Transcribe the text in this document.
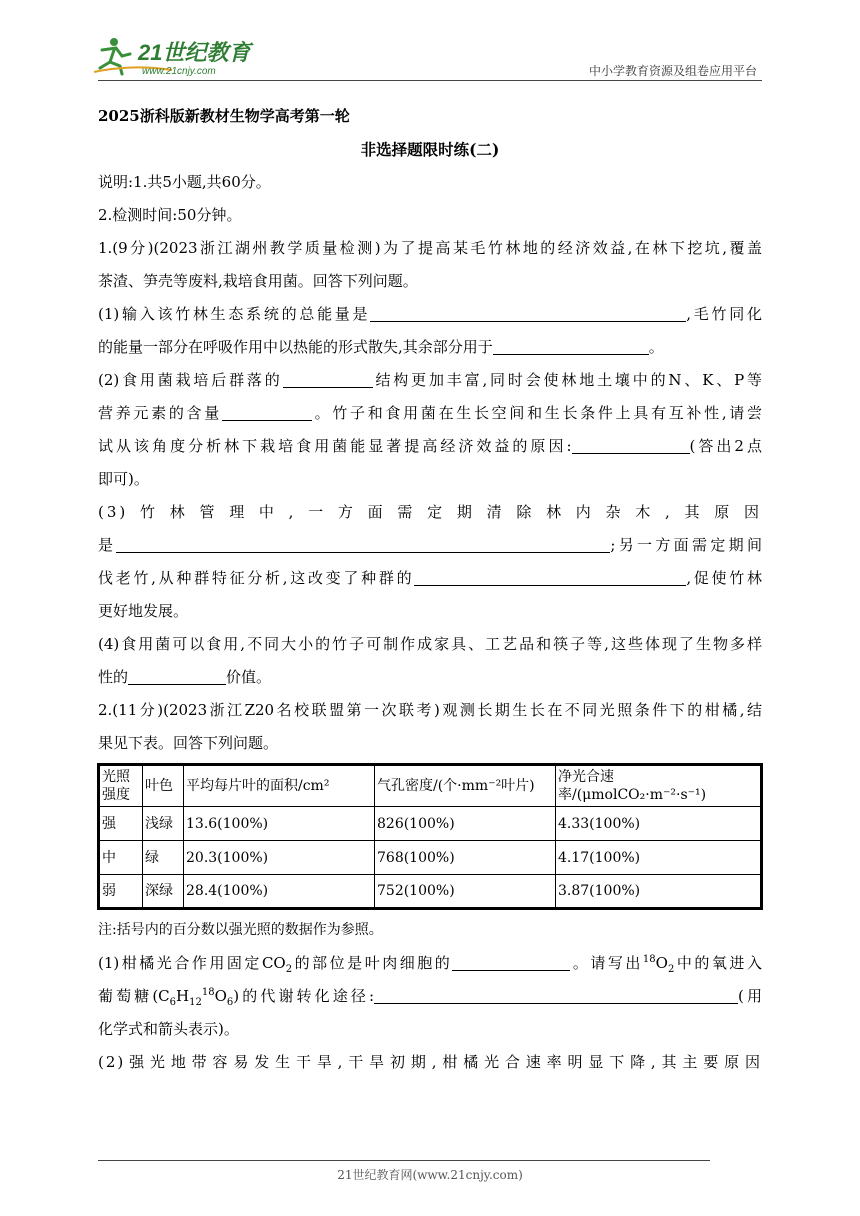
21世纪教育
www.21cnjy.com	中小学教育资源及组卷应用平台
2025浙科版新教材生物学高考第一轮
非选择题限时练(二)
说明:1.共5小题,共60分。
2.检测时间:50分钟。
1.(9分)(2023浙江湖州教学质量检测)为了提高某毛竹林地的经济效益,在林下挖坑,覆盖
茶渣、笋壳等废料,栽培食用菌。回答下列问题。
(1)输入该竹林生态系统的总能量是	,毛竹同化
的能量一部分在呼吸作用中以热能的形式散失,其余部分用于	。
(2)食用菌栽培后群落的	结构更加丰富,同时会使林地土壤中的N、K、P等
营养元素的含量	。竹子和食用菌在生长空间和生长条件上具有互补性,请尝
试从该角度分析林下栽培食用菌能显著提高经济效益的原因:	(答出2点
即可)。
(3)竹林管理中,一方面需定期清除林内杂木,其原因
是	;另一方面需定期间
伐老竹,从种群特征分析,这改变了种群的	,促使竹林
更好地发展。
(4)食用菌可以食用,不同大小的竹子可制作成家具、工艺品和筷子等,这些体现了生物多样
性的	价值。
2.(11分)(2023浙江Z20名校联盟第一次联考)观测长期生长在不同光照条件下的柑橘,结
果见下表。回答下列问题。
光照强度	叶色	平均每片叶的面积/cm²	气孔密度/(个·mm⁻²叶片)	净光合速率/(μmolCO₂·m⁻²·s⁻¹)
强	浅绿	13.6(100%)	826(100%)	4.33(100%)
中	绿	20.3(100%)	768(100%)	4.17(100%)
弱	深绿	28.4(100%)	752(100%)	3.87(100%)
注:括号内的百分数以强光照的数据作为参照。
(1)柑橘光合作用固定$CO_2$的部位是叶肉细胞的	。请写出$^{18}O_2$中的氧进入
葡萄糖$(C_6H_{12}^{18}O_6)$的代谢转化途径:	(用
化学式和箭头表示)。
(2)强光地带容易发生干旱,干旱初期,柑橘光合速率明显下降,其主要原因
21世纪教育网(www.21cnjy.com)
